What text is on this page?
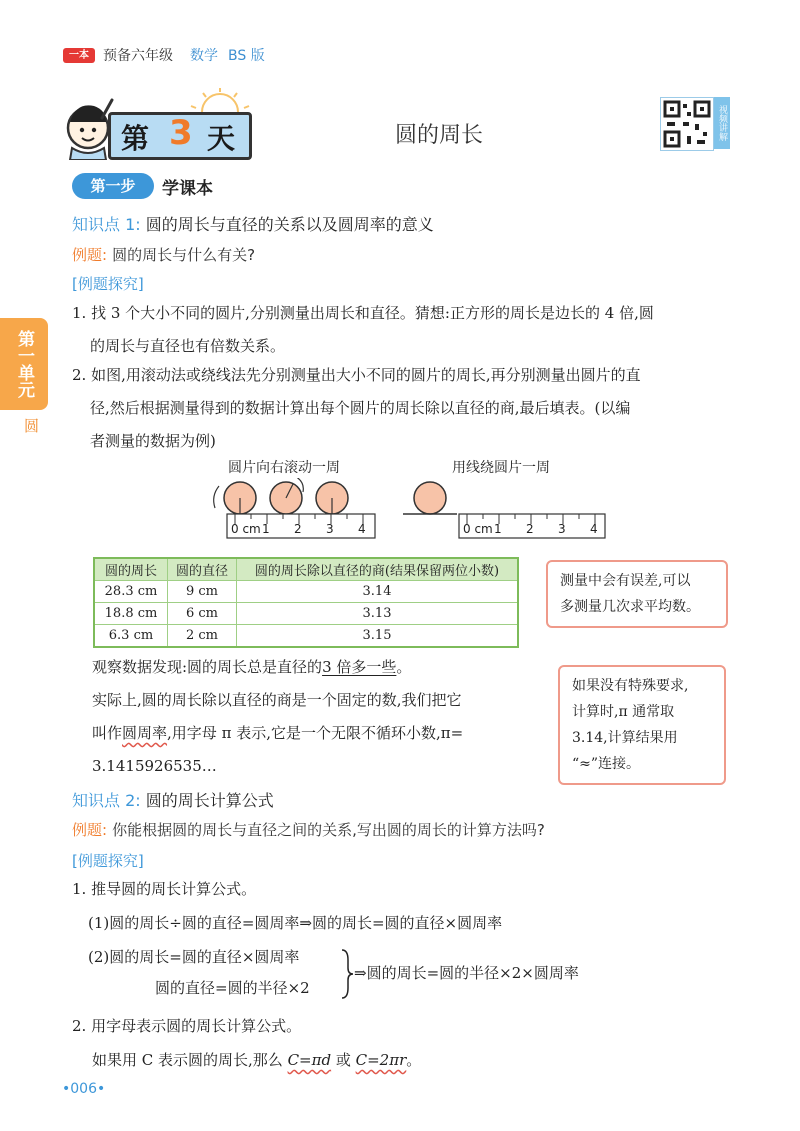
一本	预备六年级 数学 BS 版
第 3 天	圆的周长	视频讲解
第一步	学课本
第一单元
圆
知识点 1: 圆的周长与直径的关系以及圆周率的意义
例题: 圆的周长与什么有关?
[例题探究]
1. 找 3 个大小不同的圆片,分别测量出周长和直径。猜想:正方形的周长是边长的 4 倍,圆
的周长与直径也有倍数关系。
2. 如图,用滚动法或绕线法先分别测量出大小不同的圆片的周长,再分别测量出圆片的直
径,然后根据测量得到的数据计算出每个圆片的周长除以直径的商,最后填表。(以编
者测量的数据为例)
圆片向右滚动一周	用线绕圆片一周
0 cm 1 2 3 4	0 cm 1 2 3 4
圆的周长	圆的直径	圆的周长除以直径的商(结果保留两位小数)
28.3 cm	9 cm	3.14
18.8 cm	6 cm	3.13
6.3 cm	2 cm	3.15
测量中会有误差,可以
多测量几次求平均数。
观察数据发现:圆的周长总是直径的3 倍多一些。
实际上,圆的周长除以直径的商是一个固定的数,我们把它
叫作圆周率,用字母 π 表示,它是一个无限不循环小数,π=
3.1415926535…
如果没有特殊要求,
计算时,π 通常取
3.14,计算结果用
“≈”连接。
知识点 2: 圆的周长计算公式
例题: 你能根据圆的周长与直径之间的关系,写出圆的周长的计算方法吗?
[例题探究]
1. 推导圆的周长计算公式。
(1)圆的周长÷圆的直径=圆周率⇒圆的周长=圆的直径×圆周率
(2)圆的周长=圆的直径×圆周率
圆的直径=圆的半径×2
⇒圆的周长=圆的半径×2×圆周率
2. 用字母表示圆的周长计算公式。
如果用 C 表示圆的周长,那么 C=πd 或 C=2πr。
•006•
